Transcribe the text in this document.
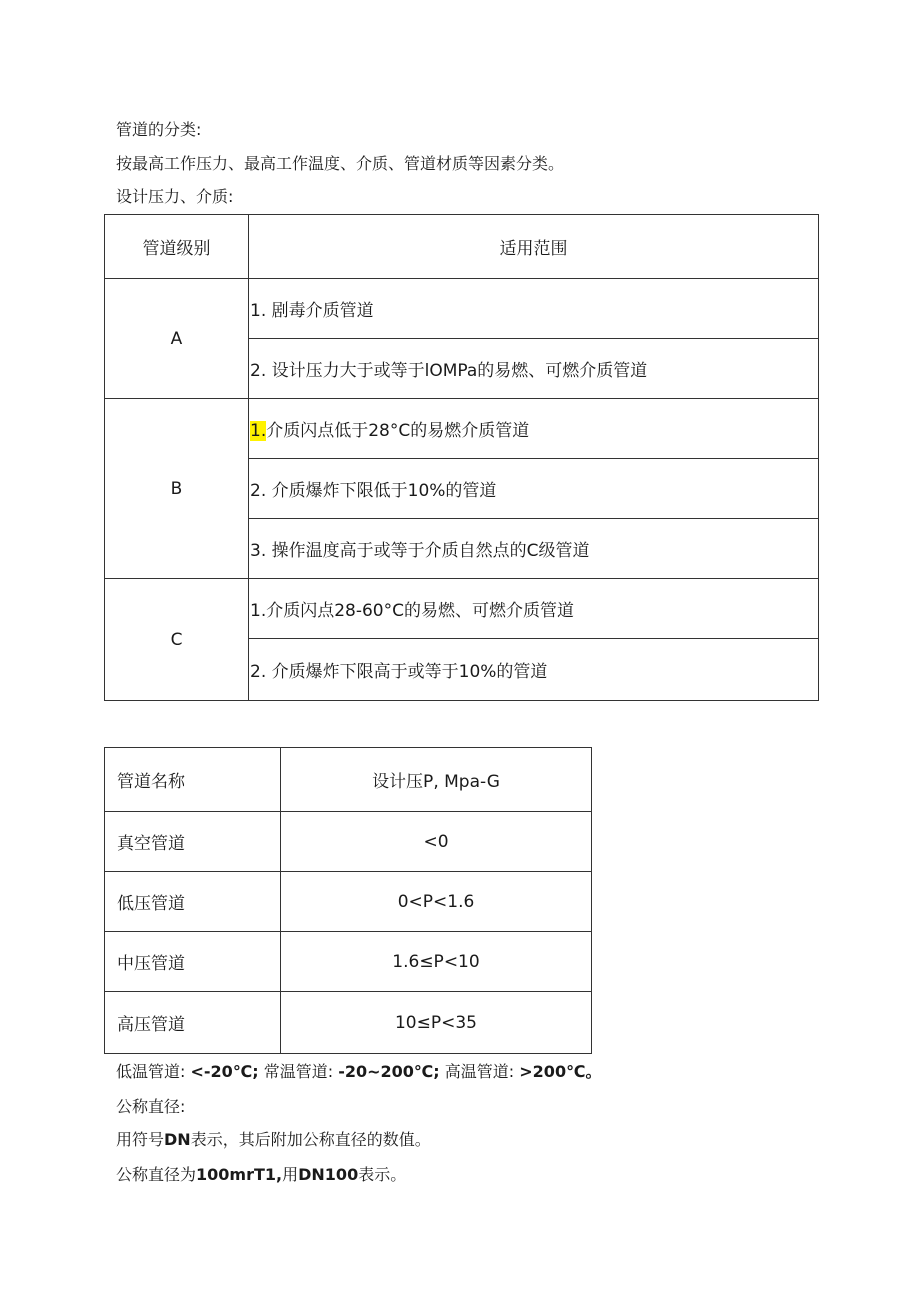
管道的分类:
按最高工作压力、最高工作温度、介质、管道材质等因素分类。
设计压力、介质:
管道级别	适用范围
A	1. 剧毒介质管道
	2. 设计压力大于或等于lOMPa的易燃、可燃介质管道
B	1.介质闪点低于28°C的易燃介质管道
	2. 介质爆炸下限低于10%的管道
	3. 操作温度高于或等于介质自然点的C级管道
C	1.介质闪点28-60°C的易燃、可燃介质管道
	2. 介质爆炸下限高于或等于10%的管道
管道名称	设计压P, Mpa-G
真空管道	<0
低压管道	0<P<1.6
中压管道	1.6≤P<10
高压管道	10≤P<35
低温管道: <-20℃; 常温管道: -20~200℃; 高温管道: >200℃。
公称直径:
用符号DN表示，其后附加公称直径的数值。
公称直径为100mrT1,用DN100表示。
